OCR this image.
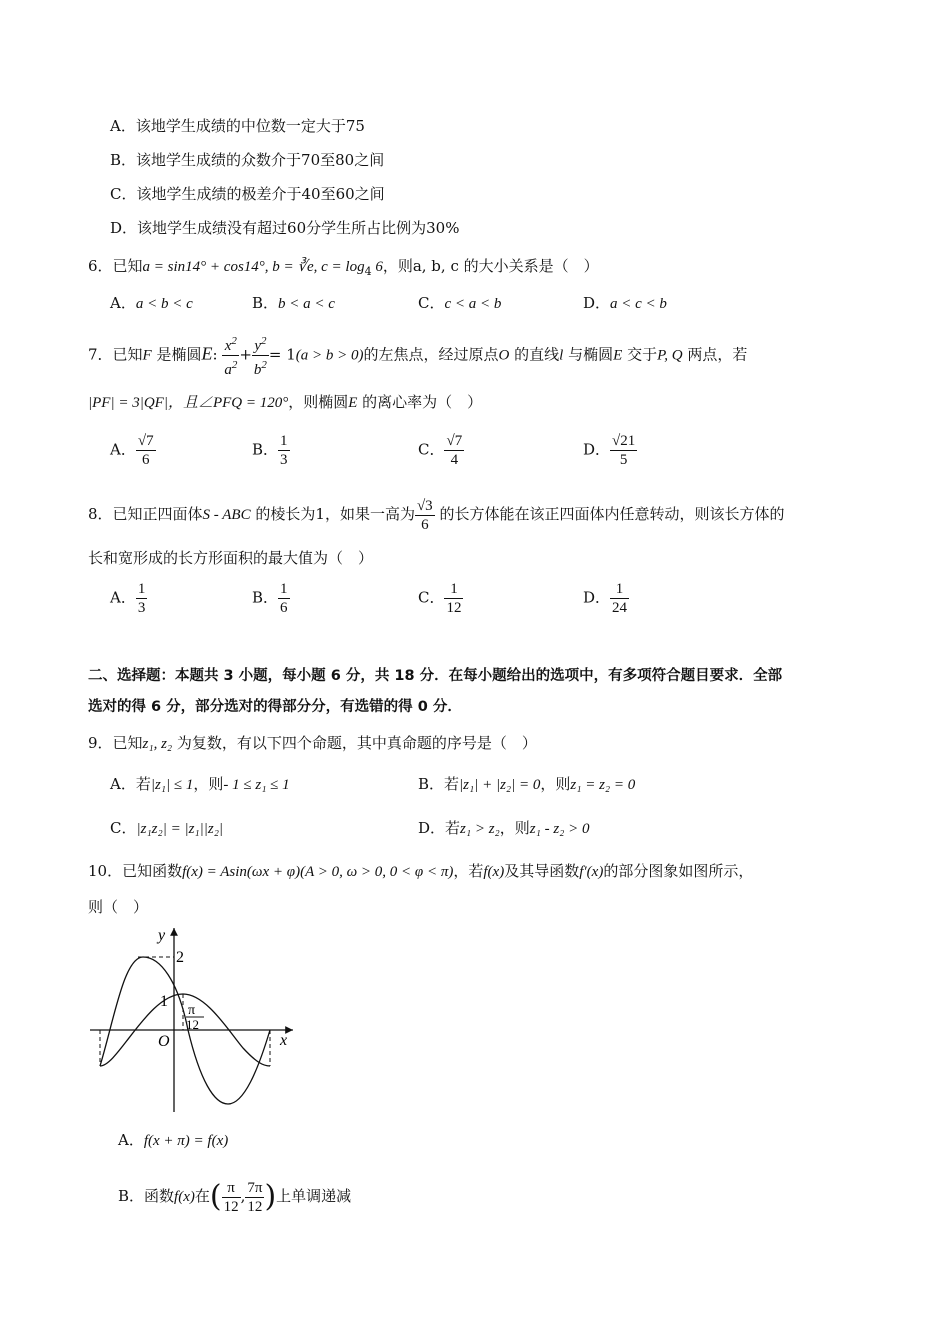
A．该地学生成绩的中位数一定大于75
B．该地学生成绩的众数介于70至80之间
C．该地学生成绩的极差介于40至60之间
D．该地学生成绩没有超过60分学生所占比例为30%
6．已知a = sin14° + cos14°, b = ∛e, $c = \log_4 6$，则a, b, c 的大小关系是（　）
A．a < b < c	B．b < a < c	C．c < a < b	D．a < c < b
7．已知F 是椭圆E: $\frac{x^2}{a^2} + \frac{y^2}{b^2} = 1(a > b > 0)$的左焦点，经过原点O 的直线l 与椭圆E 交于P, Q 两点，若
|PF| = 3|QF|，且∠PFQ = 120°，则椭圆E 的离心率为（　）
A． $\frac{√7}{6}$	B． $\frac{1}{3}$	C． $\frac{√7}{4}$	D． $\frac{√21}{5}$
8．已知正四面体S - ABC 的棱长为1，如果一高为 $\frac{√3}{6}$ 的长方体能在该正四面体内任意转动，则该长方体的
长和宽形成的长方形面积的最大值为（　）
A． $\frac{1}{3}$	B． $\frac{1}{6}$	C． $\frac{1}{12}$	D． $\frac{1}{24}$
二、选择题：本题共 3 小题，每小题 6 分，共 18 分．在每小题给出的选项中，有多项符合题目要求．全部
选对的得 6 分，部分选对的得部分分，有选错的得 0 分．
9．已知z₁, z₂ 为复数，有以下四个命题，其中真命题的序号是（　）
A．若|z₁| ≤ 1，则- 1 ≤ z₁ ≤ 1	B．若|z₁| + |z₂| = 0，则z₁ = z₂ = 0
C．|z₁z₂| = |z₁||z₂|	D．若z₁ > z₂，则z₁ - z₂ > 0
10．已知函数f(x) = Asin(ωx + φ)(A > 0, ω > 0, 0 < φ < π)，若f(x)及其导函数f′(x)的部分图象如图所示，
则（　）
y
x
O
2
1
π
12
A．f(x + π) = f(x)
B．函数f(x)在( $\frac{\pi}{12}$ , $\frac{7\pi}{12}$ )上单调递减
